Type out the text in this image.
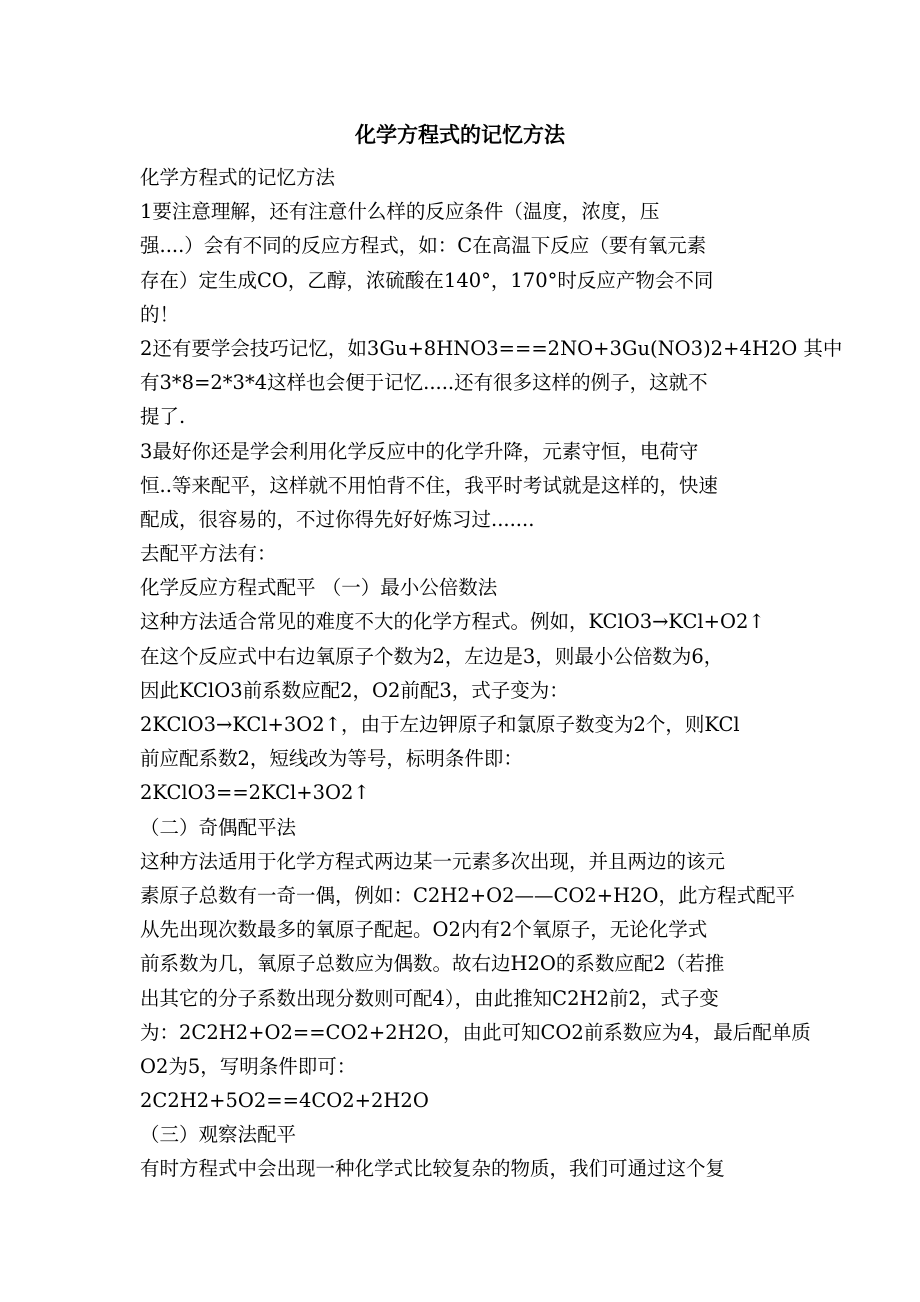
化学方程式的记忆方法
化学方程式的记忆方法
1要注意理解，还有注意什么样的反应条件（温度，浓度，压
强....）会有不同的反应方程式，如：C在高温下反应（要有氧元素
存在）定生成CO，乙醇，浓硫酸在140°，170°时反应产物会不同
的！
2还有要学会技巧记忆，如3Gu+8HNO3===2NO+3Gu(NO3)2+4H2O 其中
有3*8=2*3*4这样也会便于记忆.....还有很多这样的例子，这就不
提了.
3最好你还是学会利用化学反应中的化学升降，元素守恒，电荷守
恒..等来配平，这样就不用怕背不住，我平时考试就是这样的，快速
配成，很容易的，不过你得先好好炼习过.......
去配平方法有：
化学反应方程式配平 （一）最小公倍数法
这种方法适合常见的难度不大的化学方程式。例如，KClO3→KCl+O2↑
在这个反应式中右边氧原子个数为2，左边是3，则最小公倍数为6，
因此KClO3前系数应配2，O2前配3，式子变为：
2KClO3→KCl+3O2↑，由于左边钾原子和氯原子数变为2个，则KCl
前应配系数2，短线改为等号，标明条件即：
2KClO3==2KCl+3O2↑
（二）奇偶配平法
这种方法适用于化学方程式两边某一元素多次出现，并且两边的该元
素原子总数有一奇一偶，例如：C2H2+O2——CO2+H2O，此方程式配平
从先出现次数最多的氧原子配起。O2内有2个氧原子，无论化学式
前系数为几，氧原子总数应为偶数。故右边H2O的系数应配2（若推
出其它的分子系数出现分数则可配4），由此推知C2H2前2，式子变
为：2C2H2+O2==CO2+2H2O，由此可知CO2前系数应为4，最后配单质
O2为5，写明条件即可：
2C2H2+5O2==4CO2+2H2O
（三）观察法配平
有时方程式中会出现一种化学式比较复杂的物质，我们可通过这个复
